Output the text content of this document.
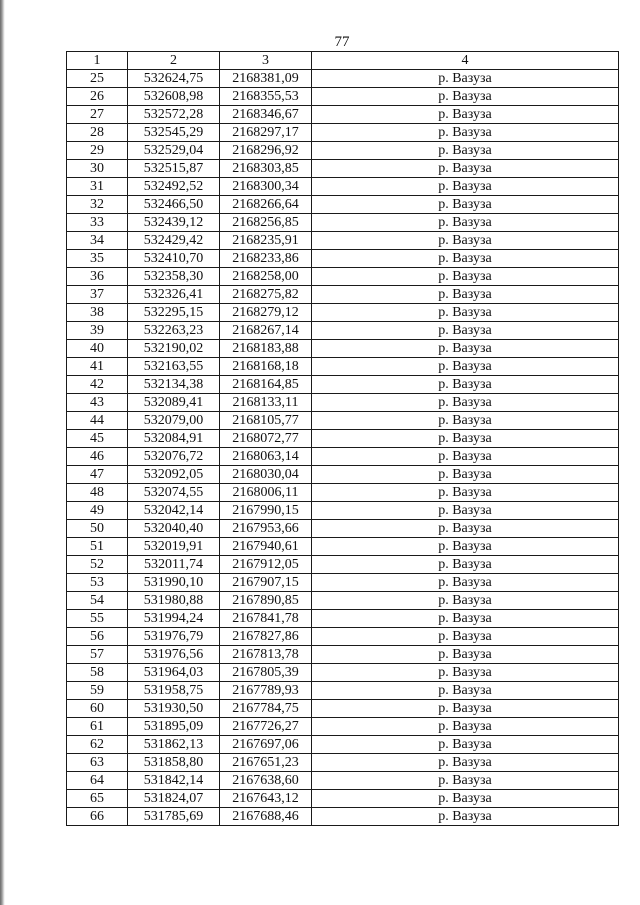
77
1	2	3	4
25	532624,75	2168381,09	р. Вазуза
26	532608,98	2168355,53	р. Вазуза
27	532572,28	2168346,67	р. Вазуза
28	532545,29	2168297,17	р. Вазуза
29	532529,04	2168296,92	р. Вазуза
30	532515,87	2168303,85	р. Вазуза
31	532492,52	2168300,34	р. Вазуза
32	532466,50	2168266,64	р. Вазуза
33	532439,12	2168256,85	р. Вазуза
34	532429,42	2168235,91	р. Вазуза
35	532410,70	2168233,86	р. Вазуза
36	532358,30	2168258,00	р. Вазуза
37	532326,41	2168275,82	р. Вазуза
38	532295,15	2168279,12	р. Вазуза
39	532263,23	2168267,14	р. Вазуза
40	532190,02	2168183,88	р. Вазуза
41	532163,55	2168168,18	р. Вазуза
42	532134,38	2168164,85	р. Вазуза
43	532089,41	2168133,11	р. Вазуза
44	532079,00	2168105,77	р. Вазуза
45	532084,91	2168072,77	р. Вазуза
46	532076,72	2168063,14	р. Вазуза
47	532092,05	2168030,04	р. Вазуза
48	532074,55	2168006,11	р. Вазуза
49	532042,14	2167990,15	р. Вазуза
50	532040,40	2167953,66	р. Вазуза
51	532019,91	2167940,61	р. Вазуза
52	532011,74	2167912,05	р. Вазуза
53	531990,10	2167907,15	р. Вазуза
54	531980,88	2167890,85	р. Вазуза
55	531994,24	2167841,78	р. Вазуза
56	531976,79	2167827,86	р. Вазуза
57	531976,56	2167813,78	р. Вазуза
58	531964,03	2167805,39	р. Вазуза
59	531958,75	2167789,93	р. Вазуза
60	531930,50	2167784,75	р. Вазуза
61	531895,09	2167726,27	р. Вазуза
62	531862,13	2167697,06	р. Вазуза
63	531858,80	2167651,23	р. Вазуза
64	531842,14	2167638,60	р. Вазуза
65	531824,07	2167643,12	р. Вазуза
66	531785,69	2167688,46	р. Вазуза
